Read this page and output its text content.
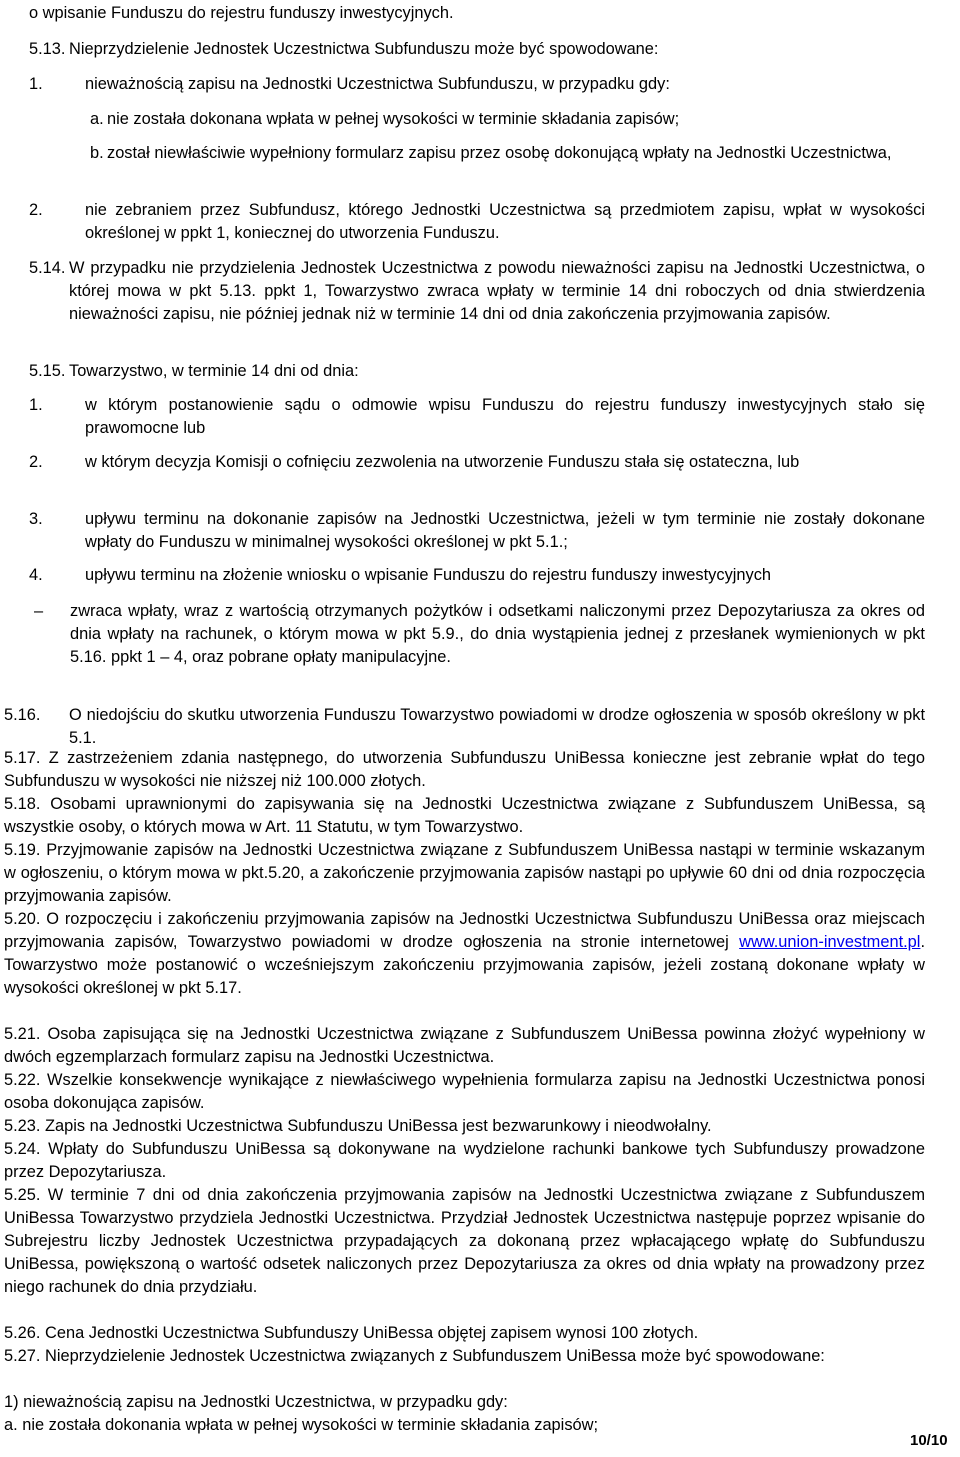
o wpisanie Funduszu do rejestru funduszy inwestycyjnych.

5.13. Nieprzydzielenie Jednostek Uczestnictwa Subfunduszu może być spowodowane:
1.	nieważnością zapisu na Jednostki Uczestnictwa Subfunduszu, w przypadku gdy:
a. nie została dokonana wpłata w pełnej wysokości w terminie składania zapisów;
b. został niewłaściwie wypełniony formularz zapisu przez osobę dokonującą wpłaty na Jednostki Uczestnictwa,
2.	nie zebraniem przez Subfundusz, którego Jednostki Uczestnictwa są przedmiotem zapisu, wpłat w wysokości określonej w ppkt 1, koniecznej do utworzenia Funduszu.
5.14. W przypadku nie przydzielenia Jednostek Uczestnictwa z powodu nieważności zapisu na Jednostki Uczestnictwa, o której mowa w pkt 5.13. ppkt 1, Towarzystwo zwraca wpłaty w terminie 14 dni roboczych od dnia stwierdzenia nieważności zapisu, nie później jednak niż w terminie 14 dni od dnia zakończenia przyjmowania zapisów.
5.15. Towarzystwo, w terminie 14 dni od dnia:
1.	w którym postanowienie sądu o odmowie wpisu Funduszu do rejestru funduszy inwestycyjnych stało się prawomocne lub
2.	w którym decyzja Komisji o cofnięciu zezwolenia na utworzenie Funduszu stała się ostateczna, lub
3.	upływu terminu na dokonanie zapisów na Jednostki Uczestnictwa, jeżeli w tym terminie nie zostały dokonane wpłaty do Funduszu w minimalnej wysokości określonej w pkt 5.1.;
4.	upływu terminu na złożenie wniosku o wpisanie Funduszu do rejestru funduszy inwestycyjnych
–	zwraca wpłaty, wraz z wartością otrzymanych pożytków i odsetkami naliczonymi przez Depozytariusza za okres od dnia wpłaty na rachunek, o którym mowa w pkt 5.9., do dnia wystąpienia jednej z przesłanek wymienionych w pkt 5.16. ppkt 1 – 4, oraz pobrane opłaty manipulacyjne.
5.16.	O niedojściu do skutku utworzenia Funduszu Towarzystwo powiadomi w drodze ogłoszenia w sposób określony w pkt 5.1.

5.17. Z zastrzeżeniem zdania następnego, do utworzenia Subfunduszu UniBessa konieczne jest zebranie wpłat do tego Subfunduszu w wysokości nie niższej niż 100.000 złotych.

5.18. Osobami uprawnionymi do zapisywania się na Jednostki Uczestnictwa związane z Subfunduszem UniBessa, są wszystkie osoby, o których mowa w Art. 11 Statutu, w tym Towarzystwo.

5.19. Przyjmowanie zapisów na Jednostki Uczestnictwa związane z Subfunduszem UniBessa nastąpi w terminie wskazanym w ogłoszeniu, o którym mowa w pkt.5.20, a zakończenie przyjmowania zapisów nastąpi po upływie 60 dni od dnia rozpoczęcia przyjmowania zapisów.

5.20. O rozpoczęciu i zakończeniu przyjmowania zapisów na Jednostki Uczestnictwa Subfunduszu UniBessa oraz miejscach przyjmowania zapisów, Towarzystwo powiadomi w drodze ogłoszenia na stronie internetowej www.union-investment.pl. Towarzystwo może postanowić o wcześniejszym zakończeniu przyjmowania zapisów, jeżeli zostaną dokonane wpłaty w wysokości określonej w pkt 5.17.

5.21. Osoba zapisująca się na Jednostki Uczestnictwa związane z Subfunduszem UniBessa powinna złożyć wypełniony w dwóch egzemplarzach formularz zapisu na Jednostki Uczestnictwa.

5.22. Wszelkie konsekwencje wynikające z niewłaściwego wypełnienia formularza zapisu na Jednostki Uczestnictwa ponosi osoba dokonująca zapisów.

5.23. Zapis na Jednostki Uczestnictwa Subfunduszu UniBessa jest bezwarunkowy i nieodwołalny.

5.24. Wpłaty do Subfunduszu UniBessa są dokonywane na wydzielone rachunki bankowe tych Subfunduszy prowadzone przez Depozytariusza.

5.25. W terminie 7 dni od dnia zakończenia przyjmowania zapisów na Jednostki Uczestnictwa związane z Subfunduszem UniBessa Towarzystwo przydziela Jednostki Uczestnictwa. Przydział Jednostek Uczestnictwa następuje poprzez wpisanie do Subrejestru liczby Jednostek Uczestnictwa przypadających za dokonaną przez wpłacającego wpłatę do Subfunduszu UniBessa, powiększoną o wartość odsetek naliczonych przez Depozytariusza za okres od dnia wpłaty na prowadzony przez niego rachunek do dnia przydziału.

5.26. Cena Jednostki Uczestnictwa Subfunduszy UniBessa objętej zapisem wynosi 100 złotych.

5.27. Nieprzydzielenie Jednostek Uczestnictwa związanych z Subfunduszem UniBessa może być spowodowane:

1) nieważnością zapisu na Jednostki Uczestnictwa, w przypadku gdy:

a. nie została dokonania wpłata w pełnej wysokości w terminie składania zapisów;

10/10
